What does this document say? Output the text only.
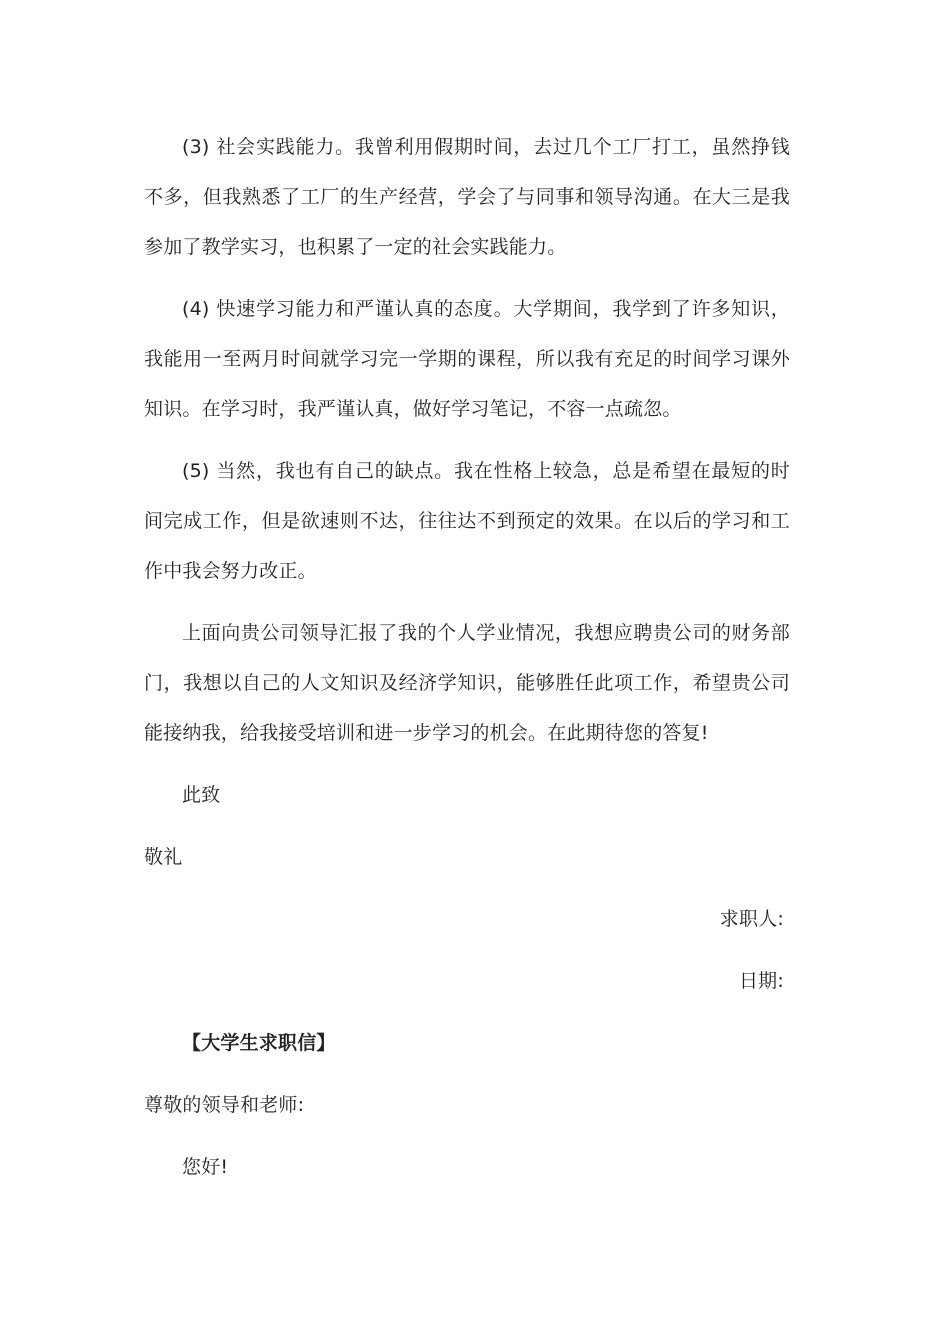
(3) 社会实践能力。我曾利用假期时间，去过几个工厂打工，虽然挣钱不多，但我熟悉了工厂的生产经营，学会了与同事和领导沟通。在大三是我参加了教学实习，也积累了一定的社会实践能力。

(4) 快速学习能力和严谨认真的态度。大学期间，我学到了许多知识，我能用一至两月时间就学习完一学期的课程，所以我有充足的时间学习课外知识。在学习时，我严谨认真，做好学习笔记，不容一点疏忽。

(5) 当然，我也有自己的缺点。我在性格上较急，总是希望在最短的时间完成工作，但是欲速则不达，往往达不到预定的效果。在以后的学习和工作中我会努力改正。

上面向贵公司领导汇报了我的个人学业情况，我想应聘贵公司的财务部门，我想以自己的人文知识及经济学知识，能够胜任此项工作，希望贵公司能接纳我，给我接受培训和进一步学习的机会。在此期待您的答复!

此致

敬礼

求职人:

日期:

【大学生求职信】

尊敬的领导和老师:

您好!
